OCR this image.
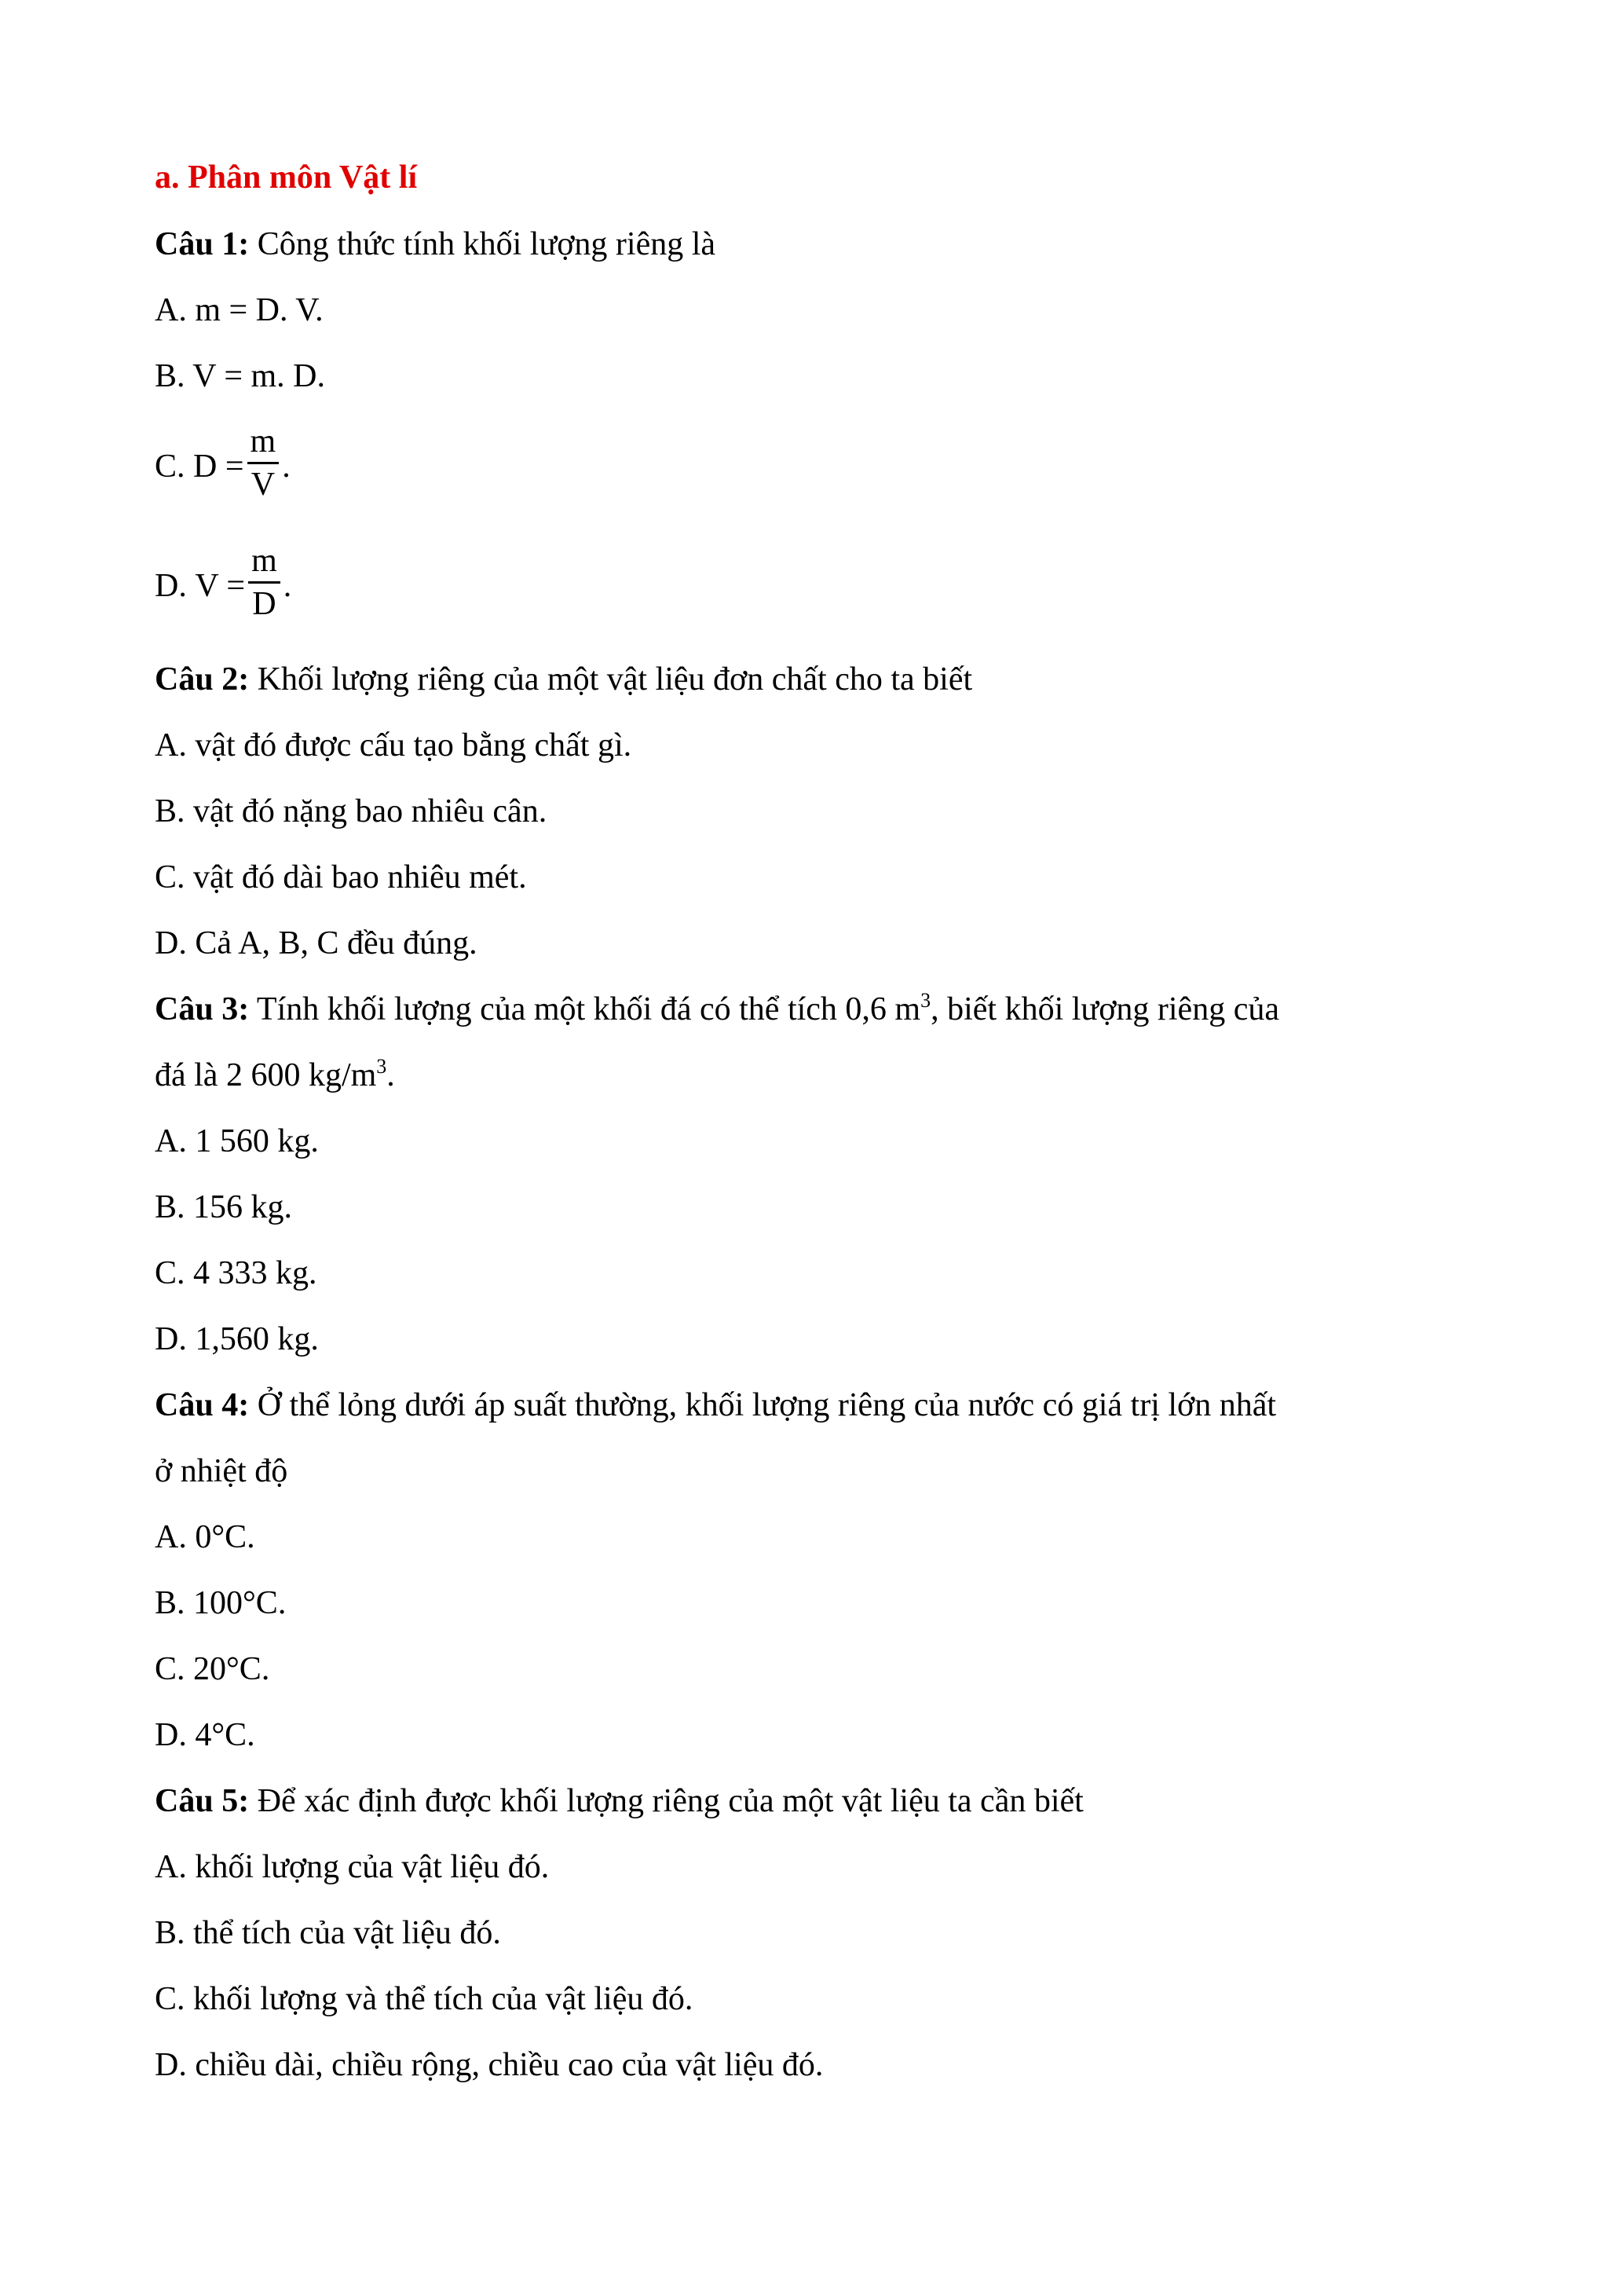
a. Phân môn Vật lí
Câu 1: Công thức tính khối lượng riêng là
A. m = D. V.
B. V = m. D.
C. $D = \frac{m}{V}$ .
D. $V = \frac{m}{D}$ .
Câu 2: Khối lượng riêng của một vật liệu đơn chất cho ta biết
A. vật đó được cấu tạo bằng chất gì.
B. vật đó nặng bao nhiêu cân.
C. vật đó dài bao nhiêu mét.
D. Cả A, B, C đều đúng.
Câu 3: Tính khối lượng của một khối đá có thể tích 0,6 $m^3$, biết khối lượng riêng của
đá là 2 600 $kg/m^3$.
A. 1 560 kg.
B. 156 kg.
C. 4 333 kg.
D. 1,560 kg.
Câu 4: Ở thể lỏng dưới áp suất thường, khối lượng riêng của nước có giá trị lớn nhất
ở nhiệt độ
A. 0°C.
B. 100°C.
C. 20°C.
D. 4°C.
Câu 5: Để xác định được khối lượng riêng của một vật liệu ta cần biết
A. khối lượng của vật liệu đó.
B. thể tích của vật liệu đó.
C. khối lượng và thể tích của vật liệu đó.
D. chiều dài, chiều rộng, chiều cao của vật liệu đó.
